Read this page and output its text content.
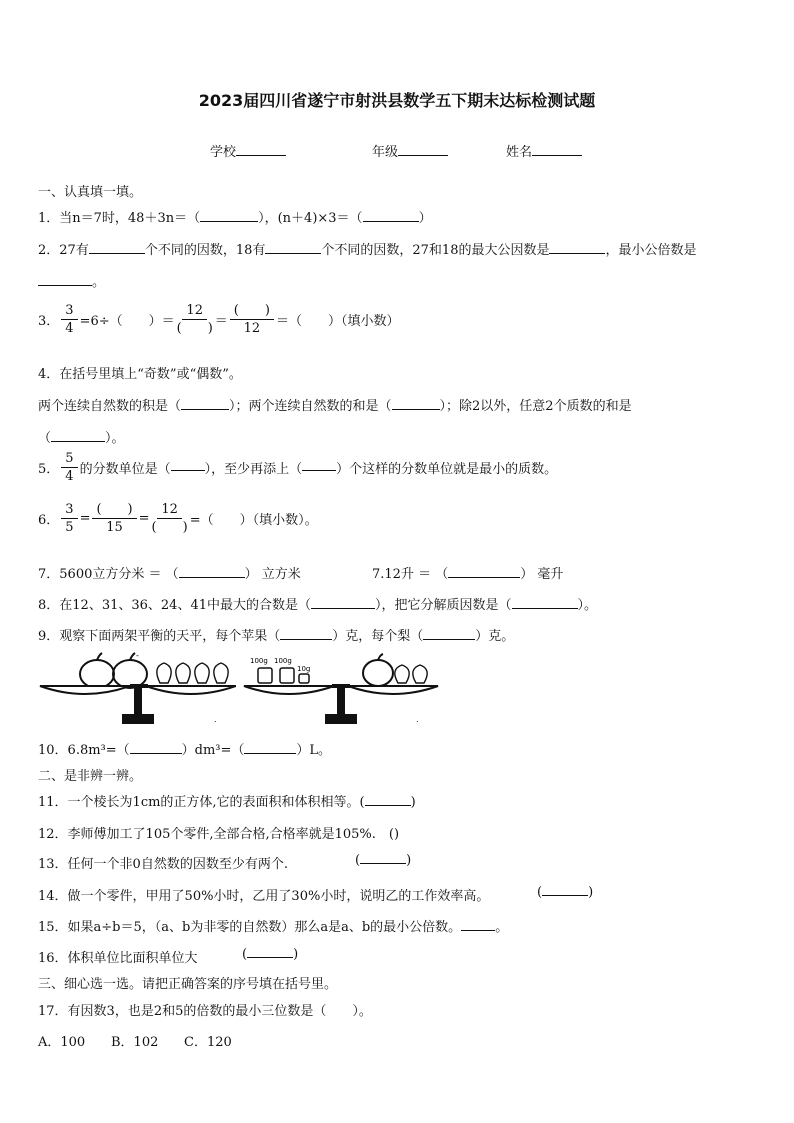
2023届四川省遂宁市射洪县数学五下期末达标检测试题
学校	年级	姓名
一、认真填一填。
1．当n＝7时，48＋3n＝（	），(n＋4)×3＝（	）
2．27有	个不同的因数，18有	个不同的因数，27和18的最大公因数是	，最小公倍数是
。
3． $\frac{3}{4} =6\div$（　　）＝ $\frac{12}{( )} = \frac{( )}{12}$ ＝（　　）（填小数）
4．在括号里填上“奇数”或“偶数”。
两个连续自然数的积是（	）；两个连续自然数的和是（	）；除2以外，任意2个质数的和是
（	）。
5． $\frac{5}{4}$ 的分数单位是（	），至少再添上（	）个这样的分数单位就是最小的质数。
6． $\frac{3}{5} = \frac{( )}{15} = \frac{12}{( )}$ =（　　）（填小数）。
7．5600立方分米 ＝ （	） 立方米	7.12升 ＝ （	） 毫升
8．在12、31、36、24、41中最大的合数是（	），把它分解质因数是（	）。
9．观察下面两架平衡的天平，每个苹果（	）克，每个梨（	）克。
-
.
100g 100g
10g
.
10．6.8m³=（	）dm³=（	）L。
二、是非辨一辨。
11．一个棱长为1cm的正方体,它的表面积和体积相等。(	)
12．李师傅加工了105个零件,全部合格,合格率就是105%.　()
13．任何一个非0自然数的因数至少有两个.	(	)
14．做一个零件，甲用了50%小时，乙用了30%小时，说明乙的工作效率高。	(	)
15．如果a÷b＝5，（a、b为非零的自然数）那么a是a、b的最小公倍数。	。
16．体积单位比面积单位大	(	)
三、细心选一选。请把正确答案的序号填在括号里。
17．有因数3，也是2和5的倍数的最小三位数是（　　）。
A．100 B．102 C．120
